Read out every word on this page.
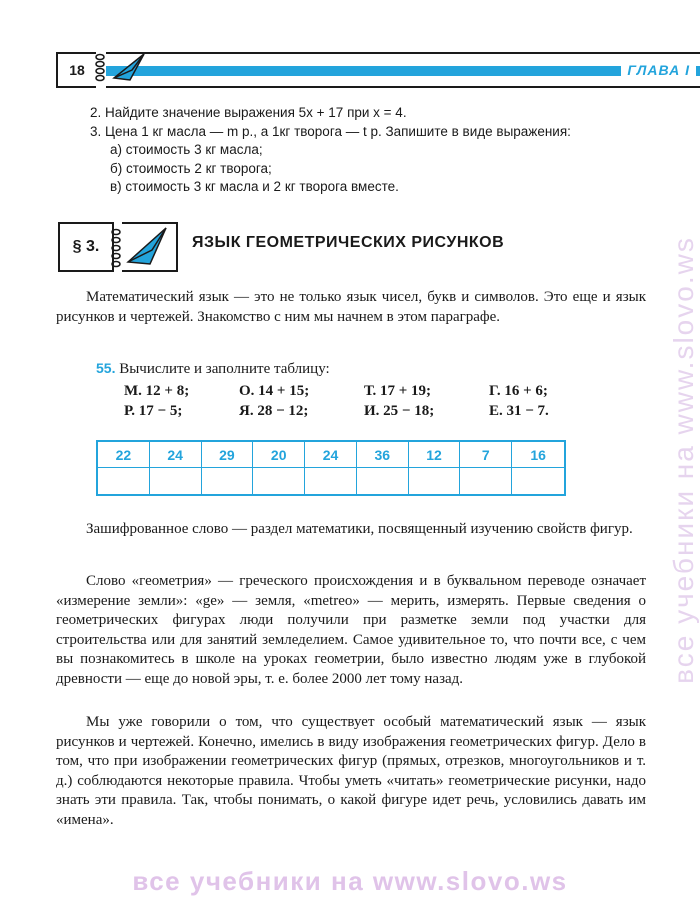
18	ГЛАВА I
2. Найдите значение выражения 5x + 17 при x = 4.
3. Цена 1 кг масла — m р., а 1кг творога — t р. Запишите в виде выражения:
а) стоимость 3 кг масла;
б) стоимость 2 кг творога;
в) стоимость 3 кг масла и 2 кг творога вместе.
§ 3.	ЯЗЫК ГЕОМЕТРИЧЕСКИХ РИСУНКОВ
Математический язык — это не только язык чисел, букв и символов. Это еще и язык рисунков и чертежей. Знакомство с ним мы начнем в этом параграфе.
55. Вычислите и заполните таблицу:
М. 12 + 8;	О. 14 + 15;	Т. 17 + 19;	Г. 16 + 6;
Р. 17 − 5;	Я. 28 − 12;	И. 25 − 18;	Е. 31 − 7.
22	24	29	20	24	36	12	7	16
Зашифрованное слово — раздел математики, посвященный изучению свойств фигур.
Слово «геометрия» — греческого происхождения и в буквальном переводе означает «измерение земли»: «ge» — земля, «metreo» — мерить, измерять. Первые сведения о геометрических фигурах люди получили при разметке земли под участки для строительства или для занятий земледелием. Самое удивительное то, что почти все, с чем вы познакомитесь в школе на уроках геометрии, было известно людям уже в глубокой древности — еще до новой эры, т. е. более 2000 лет тому назад.
Мы уже говорили о том, что существует особый математический язык — язык рисунков и чертежей. Конечно, имелись в виду изображения геометрических фигур. Дело в том, что при изображении геометрических фигур (прямых, отрезков, многоугольников и т. д.) соблюдаются некоторые правила. Чтобы уметь «читать» геометрические рисунки, надо знать эти правила. Так, чтобы понимать, о какой фигуре идет речь, условились давать им «имена».
все учебники на www.slovo.ws
все учебники на www.slovo.ws
